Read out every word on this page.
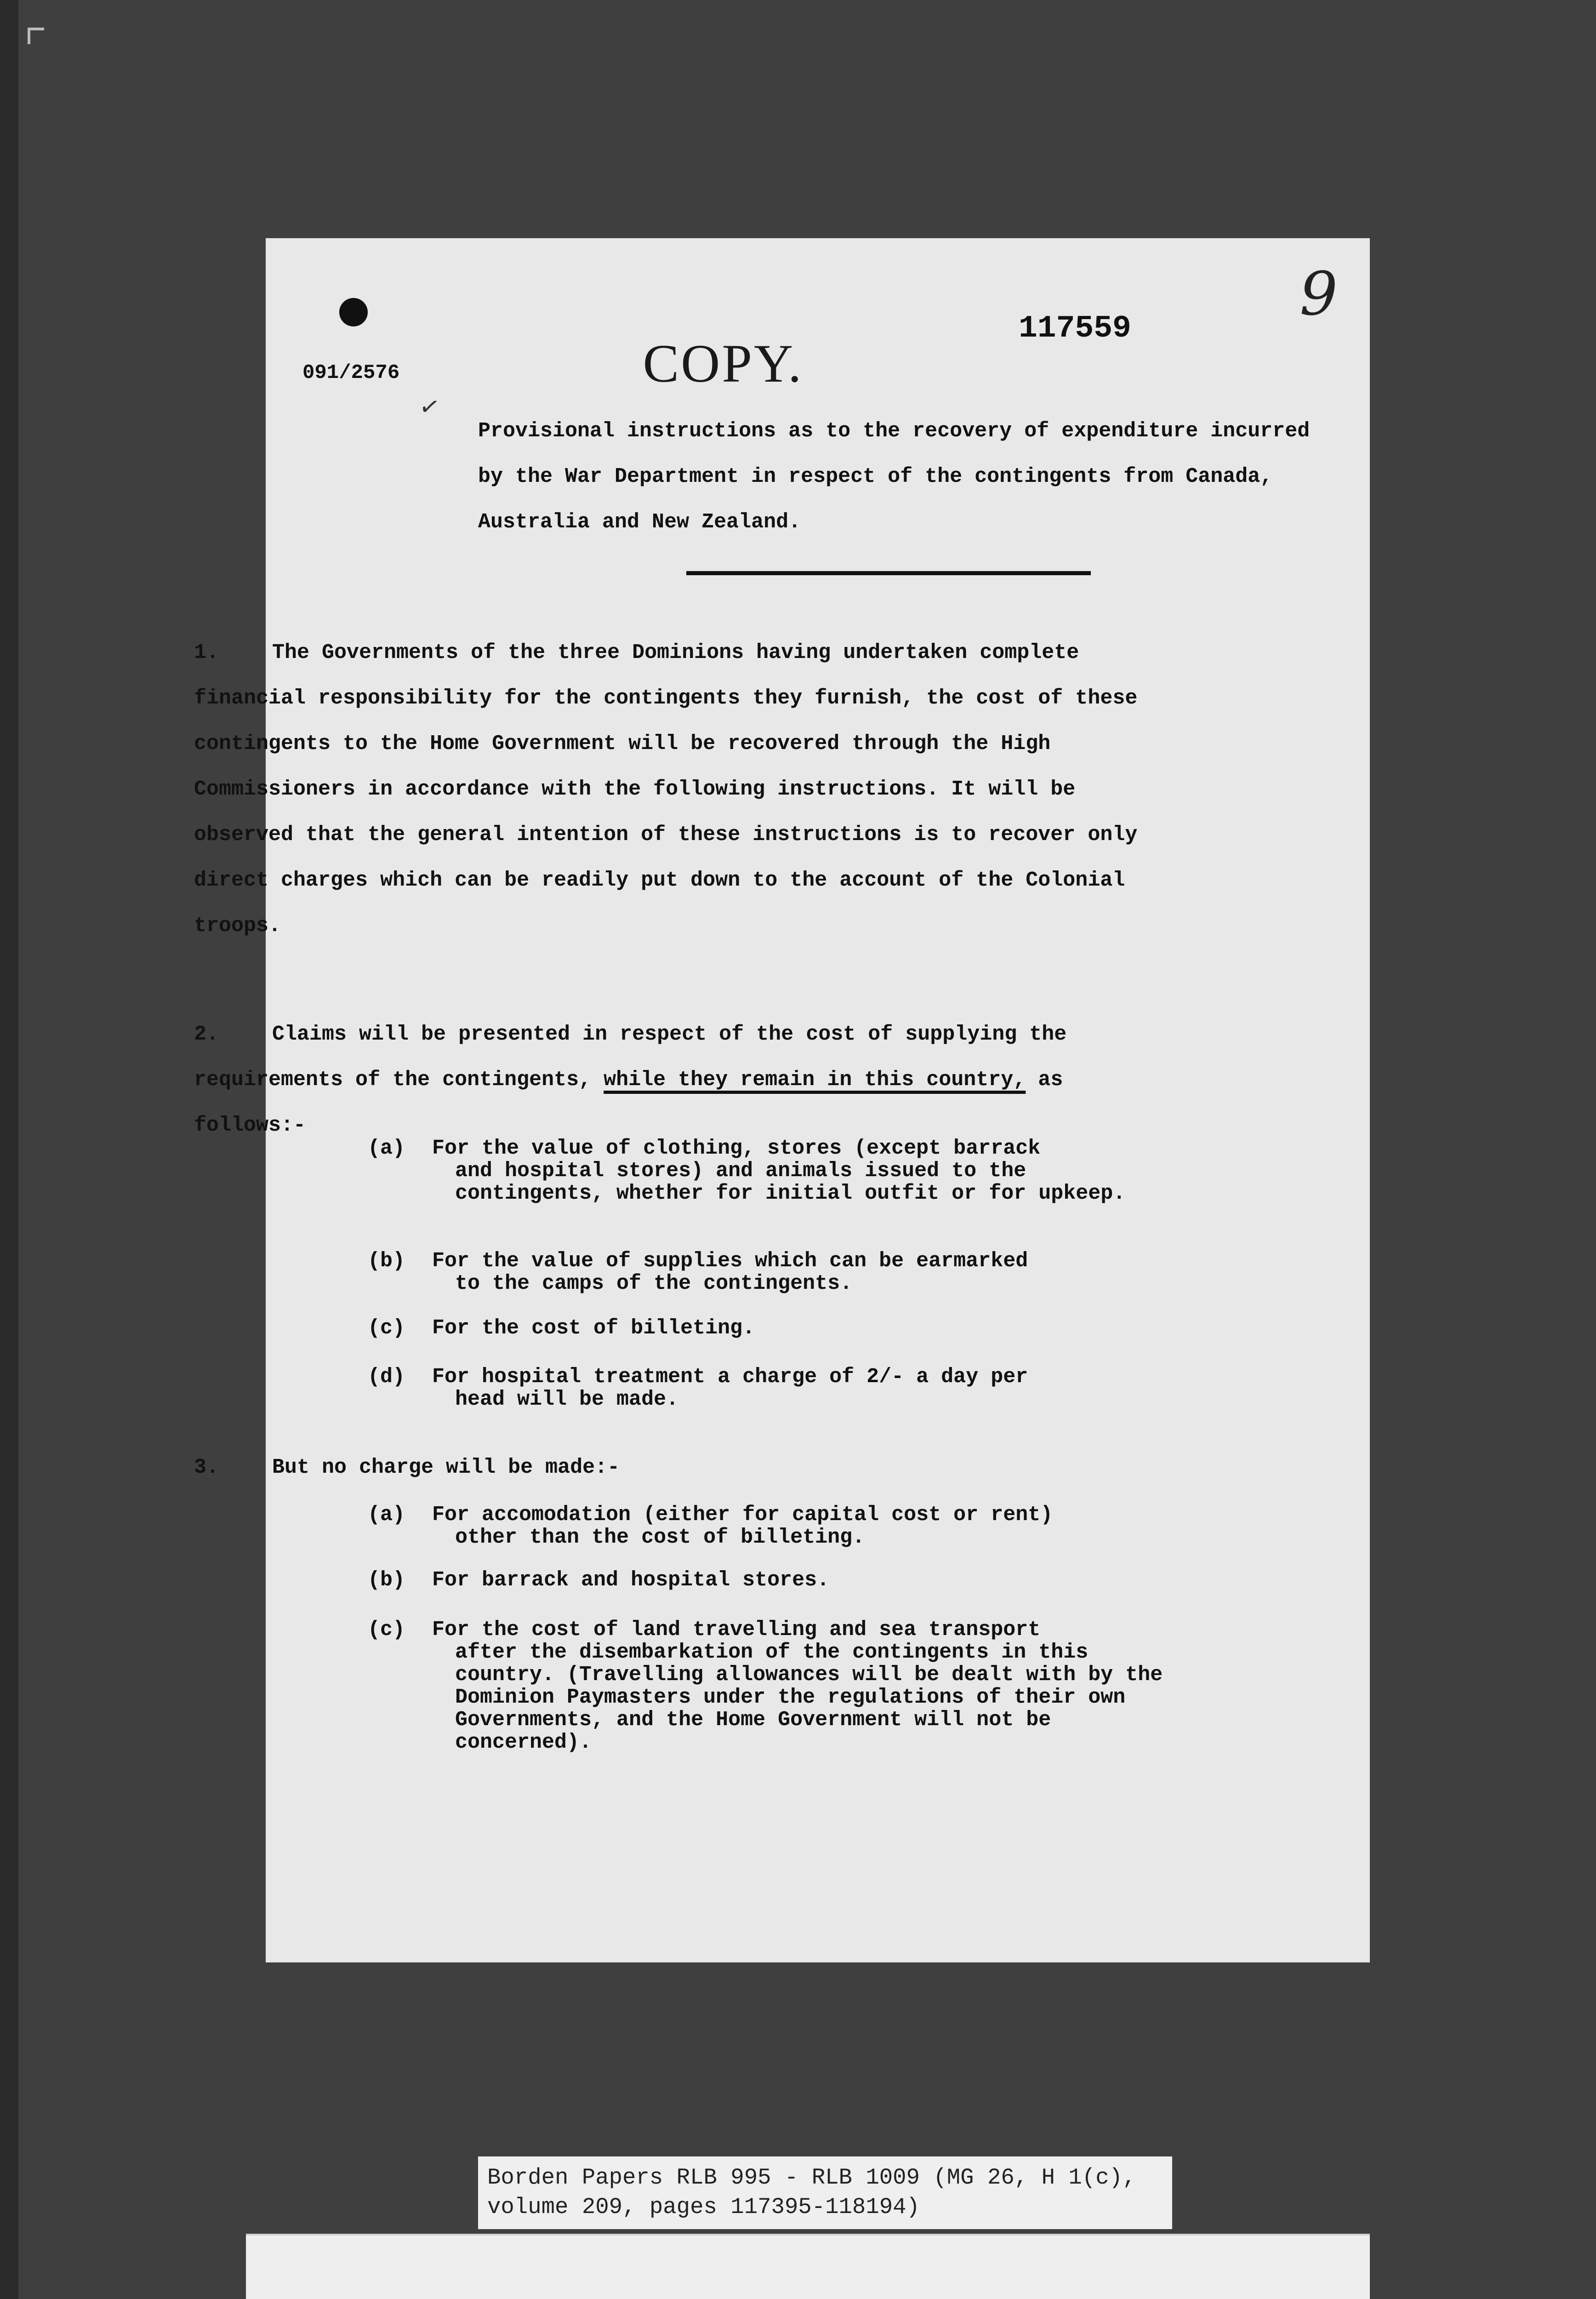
9
117559
091/2576
✓
COPY.
Provisional instructions as to the recovery of expenditure incurred by the War Department in respect of the contingents from Canada, Australia and New Zealand.
1.	The Governments of the three Dominions having undertaken complete financial responsibility for the contingents they furnish, the cost of these contingents to the Home Government will be recovered through the High Commissioners in accordance with the following instructions. It will be observed that the general intention of these instructions is to recover only direct charges which can be readily put down to the account of the Colonial troops.
2.	Claims will be presented in respect of the cost of supplying the requirements of the contingents, while they remain in this country, as follows:-
(a)	For the value of clothing, stores (except barrack
and hospital stores) and animals issued to the contingents, whether for initial outfit or for upkeep.
(b)	For the value of supplies which can be earmarked
to the camps of the contingents.
(c)	For the cost of billeting.
(d)	For hospital treatment a charge of 2/- a day per
head will be made.
3.	But no charge will be made:-
(a)	For accomodation (either for capital cost or rent)
other than the cost of billeting.
(b)	For barrack and hospital stores.
(c)	For the cost of land travelling and sea transport
after the disembarkation of the contingents in this country. (Travelling allowances will be dealt with by the Dominion Paymasters under the regulations of their own Governments, and the Home Government will not be concerned).
Borden Papers RLB 995 - RLB 1009 (MG 26, H 1(c),
volume 209, pages 117395-118194)
